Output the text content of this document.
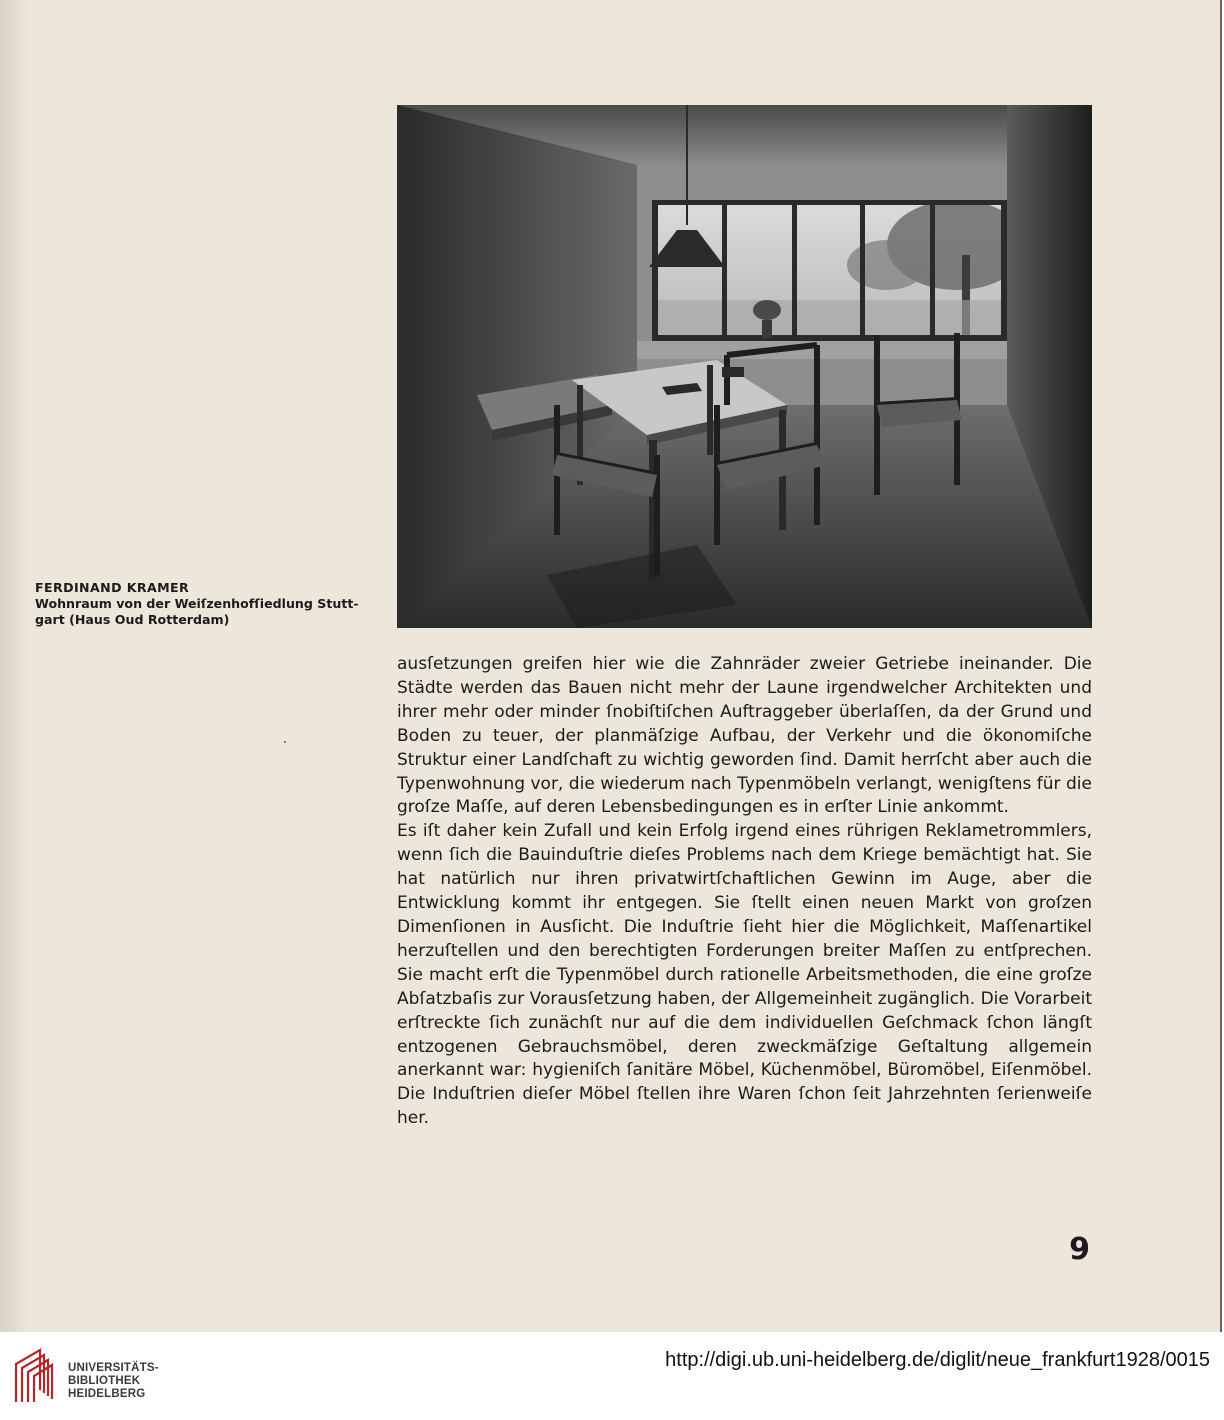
FERDINAND KRAMER
Wohnraum von der Weiſzenhofſiedlung Stutt-
gart (Haus Oud Rotterdam)

ausſetzungen greifen hier wie die Zahnräder zweier Getriebe ineinander. Die Städte werden das Bauen nicht mehr der Laune irgendwelcher Architekten und ihrer mehr oder minder ſnobiſtiſchen Auftraggeber überlaſſen, da der Grund und Boden zu teuer, der planmäſzige Aufbau, der Verkehr und die ökonomiſche Struktur einer Landſchaft zu wichtig geworden ſind. Damit herrſcht aber auch die Typenwohnung vor, die wiederum nach Typenmöbeln verlangt, wenigſtens für die groſze Maſſe, auf deren Lebensbedingungen es in erſter Linie ankommt.

Es iſt daher kein Zufall und kein Erfolg irgend eines rührigen Reklametrommlers, wenn ſich die Bauinduſtrie dieſes Problems nach dem Kriege bemächtigt hat. Sie hat natürlich nur ihren privatwirtſchaftlichen Gewinn im Auge, aber die Entwicklung kommt ihr entgegen. Sie ſtellt einen neuen Markt von groſzen Dimenſionen in Ausſicht. Die Induſtrie ſieht hier die Möglichkeit, Maſſenartikel herzuſtellen und den berechtigten Forderungen breiter Maſſen zu entſprechen. Sie macht erſt die Typenmöbel durch rationelle Arbeitsmethoden, die eine groſze Abſatzbaſis zur Vorausſetzung haben, der Allgemeinheit zugänglich. Die Vorarbeit erſtreckte ſich zunächſt nur auf die dem individuellen Geſchmack ſchon längſt entzogenen Gebrauchsmöbel, deren zweckmäſzige Geſtaltung allgemein anerkannt war: hygieniſch ſanitäre Möbel, Küchenmöbel, Büromöbel, Eiſenmöbel. Die Induſtrien dieſer Möbel ſtellen ihre Waren ſchon ſeit Jahrzehnten ſerienweiſe her.

9
UNIVERSITÄTS-
BIBLIOTHEK
HEIDELBERG
http://digi.ub.uni-heidelberg.de/diglit/neue_frankfurt1928/0015
